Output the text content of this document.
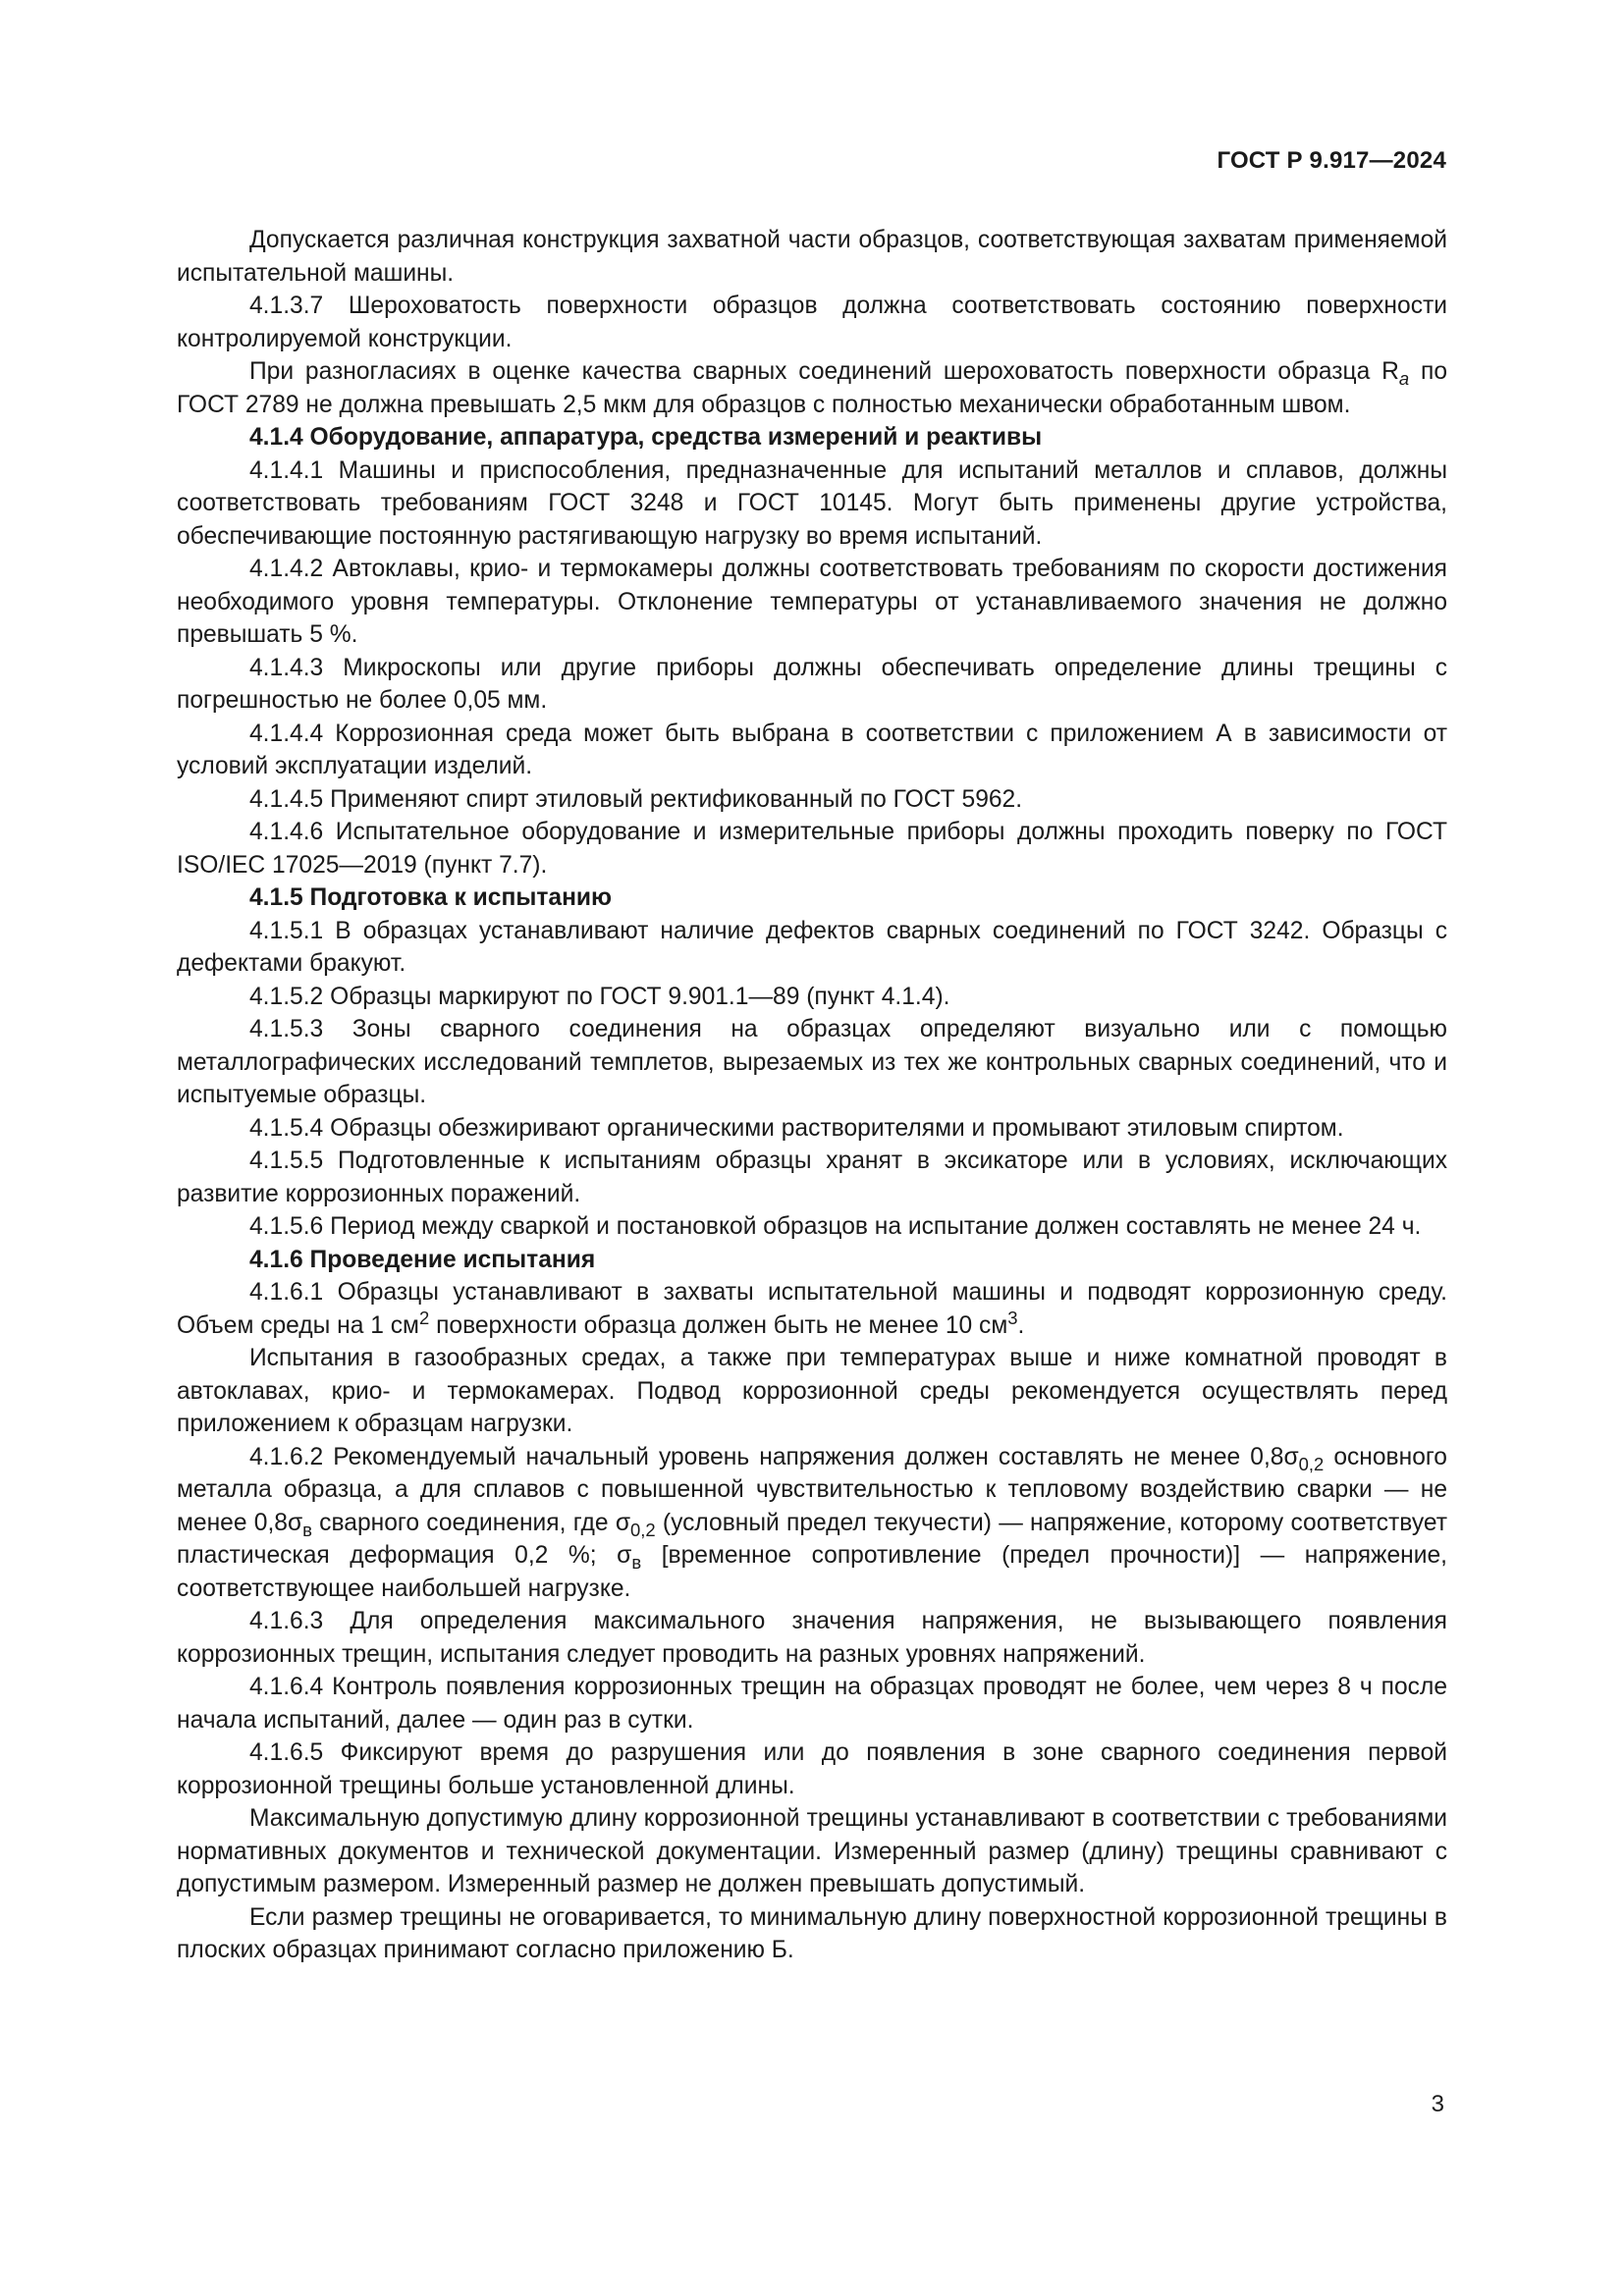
ГОСТ Р 9.917—2024

Допускается различная конструкция захватной части образцов, соответствующая захватам применяемой испытательной машины.

4.1.3.7 Шероховатость поверхности образцов должна соответствовать состоянию поверхности контролируемой конструкции.

При разногласиях в оценке качества сварных соединений шероховатость поверхности образца $R_a$ по ГОСТ 2789 не должна превышать 2,5 мкм для образцов с полностью механически обработанным швом.

4.1.4 Оборудование, аппаратура, средства измерений и реактивы

4.1.4.1 Машины и приспособления, предназначенные для испытаний металлов и сплавов, должны соответствовать требованиям ГОСТ 3248 и ГОСТ 10145. Могут быть применены другие устройства, обеспечивающие постоянную растягивающую нагрузку во время испытаний.

4.1.4.2 Автоклавы, крио- и термокамеры должны соответствовать требованиям по скорости достижения необходимого уровня температуры. Отклонение температуры от устанавливаемого значения не должно превышать 5 %.

4.1.4.3 Микроскопы или другие приборы должны обеспечивать определение длины трещины с погрешностью не более 0,05 мм.

4.1.4.4 Коррозионная среда может быть выбрана в соответствии с приложением А в зависимости от условий эксплуатации изделий.

4.1.4.5 Применяют спирт этиловый ректификованный по ГОСТ 5962.

4.1.4.6 Испытательное оборудование и измерительные приборы должны проходить поверку по ГОСТ ISO/IEC 17025—2019 (пункт 7.7).

4.1.5 Подготовка к испытанию

4.1.5.1 В образцах устанавливают наличие дефектов сварных соединений по ГОСТ 3242. Образцы с дефектами бракуют.

4.1.5.2 Образцы маркируют по ГОСТ 9.901.1—89 (пункт 4.1.4).

4.1.5.3 Зоны сварного соединения на образцах определяют визуально или с помощью металлографических исследований темплетов, вырезаемых из тех же контрольных сварных соединений, что и испытуемые образцы.

4.1.5.4 Образцы обезжиривают органическими растворителями и промывают этиловым спиртом.

4.1.5.5 Подготовленные к испытаниям образцы хранят в эксикаторе или в условиях, исключающих развитие коррозионных поражений.

4.1.5.6 Период между сваркой и постановкой образцов на испытание должен составлять не менее 24 ч.

4.1.6 Проведение испытания

4.1.6.1 Образцы устанавливают в захваты испытательной машины и подводят коррозионную среду. Объем среды на 1 $см^2$ поверхности образца должен быть не менее 10 $см^3$.

Испытания в газообразных средах, а также при температурах выше и ниже комнатной проводят в автоклавах, крио- и термокамерах. Подвод коррозионной среды рекомендуется осуществлять перед приложением к образцам нагрузки.

4.1.6.2 Рекомендуемый начальный уровень напряжения должен составлять не менее $0,8\sigma_{0,2}$ основного металла образца, а для сплавов с повышенной чувствительностью к тепловому воздействию сварки — не менее $0,8\sigma_в$ сварного соединения, где $\sigma_{0,2}$ (условный предел текучести) — напряжение, которому соответствует пластическая деформация 0,2 %; $\sigma_в$ [временное сопротивление (предел прочности)] — напряжение, соответствующее наибольшей нагрузке.

4.1.6.3 Для определения максимального значения напряжения, не вызывающего появления коррозионных трещин, испытания следует проводить на разных уровнях напряжений.

4.1.6.4 Контроль появления коррозионных трещин на образцах проводят не более, чем через 8 ч после начала испытаний, далее — один раз в сутки.

4.1.6.5 Фиксируют время до разрушения или до появления в зоне сварного соединения первой коррозионной трещины больше установленной длины.

Максимальную допустимую длину коррозионной трещины устанавливают в соответствии с требованиями нормативных документов и технической документации. Измеренный размер (длину) трещины сравнивают с допустимым размером. Измеренный размер не должен превышать допустимый.

Если размер трещины не оговаривается, то минимальную длину поверхностной коррозионной трещины в плоских образцах принимают согласно приложению Б.

3
